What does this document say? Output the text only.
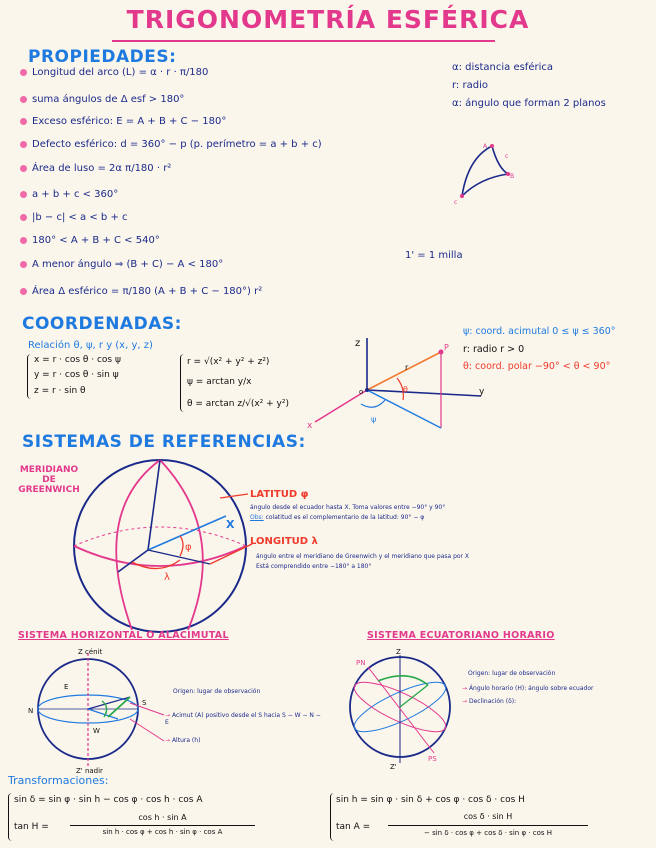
TRIGONOMETRÍA ESFÉRICA
PROPIEDADES:
Longitud del arco (L) = α · r · π/180
suma ángulos de Δ esf > 180°
Exceso esférico: E = A + B + C − 180°
Defecto esférico: d = 360° − p (p. perímetro = a + b + c)
Área de luso = 2α π/180 · r²
a + b + c < 360°
|b − c| < a < b + c
180° < A + B + C < 540°
A menor ángulo ⇒ (B + C) − A < 180°
Área Δ esférico = π/180 (A + B + C − 180°) r²
α: distancia esférica
r: radio
α: ángulo que forman 2 planos
c
A
B
c
1' = 1 milla
COORDENADAS:
Relación θ, ψ, r y (x, y, z)
x = r · cos θ · cos ψ
y = r · cos θ · sin ψ
z = r · sin θ
r = √(x² + y² + z²)
ψ = arctan y/x
θ = arctan z/√(x² + y²)
z
y
x
P
o
r
θ
ψ
ψ: coord. acimutal 0 ≤ ψ ≤ 360°
r: radio r > 0
θ: coord. polar −90° < θ < 90°
SISTEMAS DE REFERENCIAS:
MERIDIANO
DE
GREENWICH
φ
λ
X
LATITUD φ
ángulo desde el ecuador hasta X. Toma valores entre −90° y 90°
Obs: colatitud es el complementario de la latitud: 90° − φ
LONGITUD λ
ángulo entre el meridiano de Greenwich y el meridiano que pasa por X
Está comprendido entre −180° a 180°
SISTEMA HORIZONTAL O ALACIMUTAL
Z cénit
Z' nadir
N
S
E
W
Origen: lugar de observación
→ Acimut (A) positivo desde el S hacia S − W − N − E
→ Altura (h)
SISTEMA ECUATORIANO HORARIO
PN
PS
Z
Z'
Origen: lugar de observación
→ Ángulo horario (H): ángulo sobre ecuador
→ Declinación (δ):
Transformaciones:
sin δ = sin φ · sin h − cos φ · cos h · cos A
tan H =
cos h · sin A
sin h · cos φ + cos h · sin φ · cos A
sin h = sin φ · sin δ + cos φ · cos δ · cos H
tan A =
cos δ · sin H
− sin δ · cos φ + cos δ · sin φ · cos H
